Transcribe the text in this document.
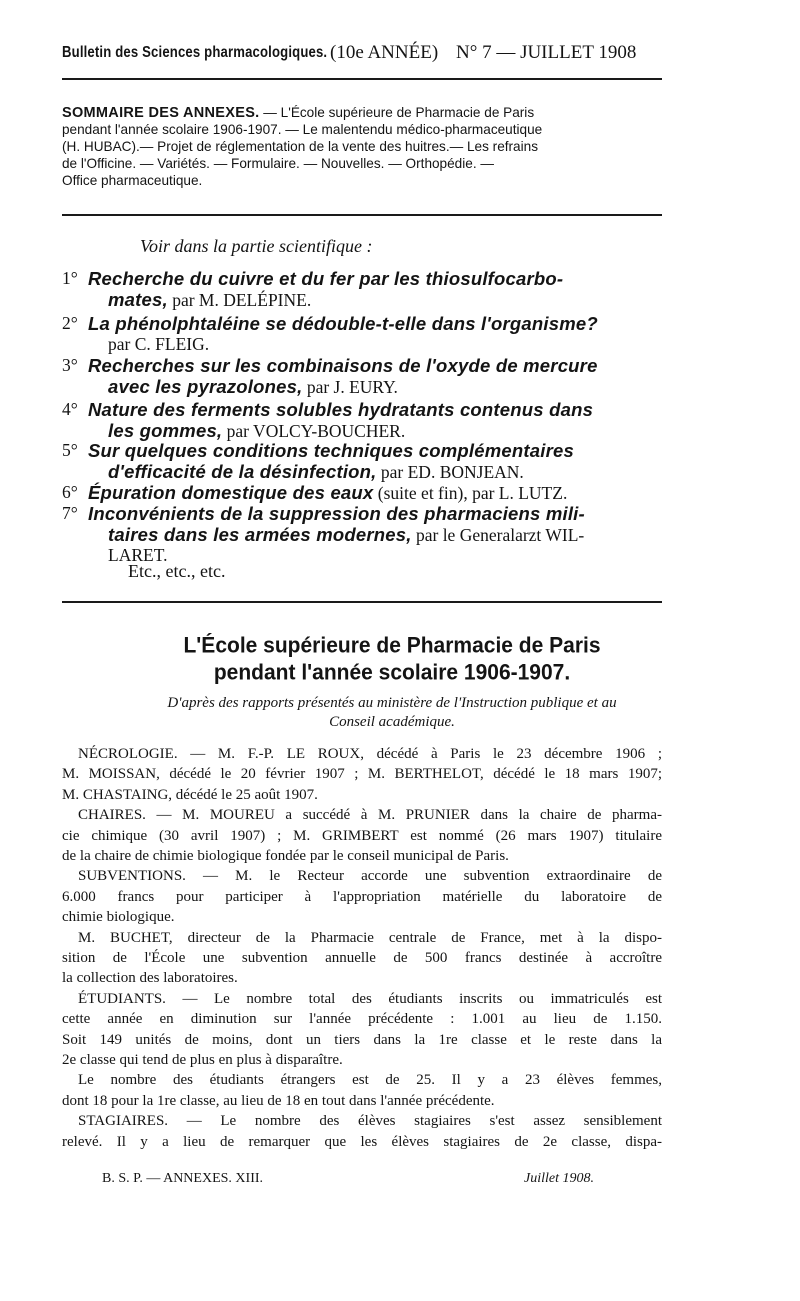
Bulletin des Sciences pharmacologiques. (10e ANNÉE) N° 7 — JUILLET 1908
SOMMAIRE DES ANNEXES. — L'École supérieure de Pharmacie de Paris
pendant l'année scolaire 1906-1907. — Le malentendu médico-pharmaceutique
(H. HUBAC).— Projet de réglementation de la vente des huitres.— Les refrains
de l'Officine. — Variétés. — Formulaire. — Nouvelles. — Orthopédie. —
Office pharmaceutique.
Voir dans la partie scientifique :
1° Recherche du cuivre et du fer par les thiosulfocarbo-
mates, par M. DELÉPINE.
2° La phénolphtaléine se dédouble-t-elle dans l'organisme?
par C. FLEIG.
3° Recherches sur les combinaisons de l'oxyde de mercure
avec les pyrazolones, par J. EURY.
4° Nature des ferments solubles hydratants contenus dans
les gommes, par VOLCY-BOUCHER.
5° Sur quelques conditions techniques complémentaires
d'efficacité de la désinfection, par ED. BONJEAN.
6° Épuration domestique des eaux (suite et fin), par L. LUTZ.
7° Inconvénients de la suppression des pharmaciens mili-
taires dans les armées modernes, par le Generalarzt WIL-
LARET.
Etc., etc., etc.
L'École supérieure de Pharmacie de Paris
pendant l'année scolaire 1906-1907.
D'après des rapports présentés au ministère de l'Instruction publique et au
Conseil académique.
NÉCROLOGIE. — M. F.-P. LE ROUX, décédé à Paris le 23 décembre 1906 ;
M. MOISSAN, décédé le 20 février 1907 ; M. BERTHELOT, décédé le 18 mars 1907;
M. CHASTAING, décédé le 25 août 1907.
CHAIRES. — M. MOUREU a succédé à M. PRUNIER dans la chaire de pharma-
cie chimique (30 avril 1907) ; M. GRIMBERT est nommé (26 mars 1907) titulaire
de la chaire de chimie biologique fondée par le conseil municipal de Paris.
SUBVENTIONS. — M. le Recteur accorde une subvention extraordinaire de
6.000 francs pour participer à l'appropriation matérielle du laboratoire de
chimie biologique.
M. BUCHET, directeur de la Pharmacie centrale de France, met à la dispo-
sition de l'École une subvention annuelle de 500 francs destinée à accroître
la collection des laboratoires.
ÉTUDIANTS. — Le nombre total des étudiants inscrits ou immatriculés est
cette année en diminution sur l'année précédente : 1.001 au lieu de 1.150.
Soit 149 unités de moins, dont un tiers dans la 1re classe et le reste dans la
2e classe qui tend de plus en plus à disparaître.
Le nombre des étudiants étrangers est de 25. Il y a 23 élèves femmes,
dont 18 pour la 1re classe, au lieu de 18 en tout dans l'année précédente.
STAGIAIRES. — Le nombre des élèves stagiaires s'est assez sensiblement
relevé. Il y a lieu de remarquer que les élèves stagiaires de 2e classe, dispa-
B. S. P. — ANNEXES. XIII.	Juillet 1908.
